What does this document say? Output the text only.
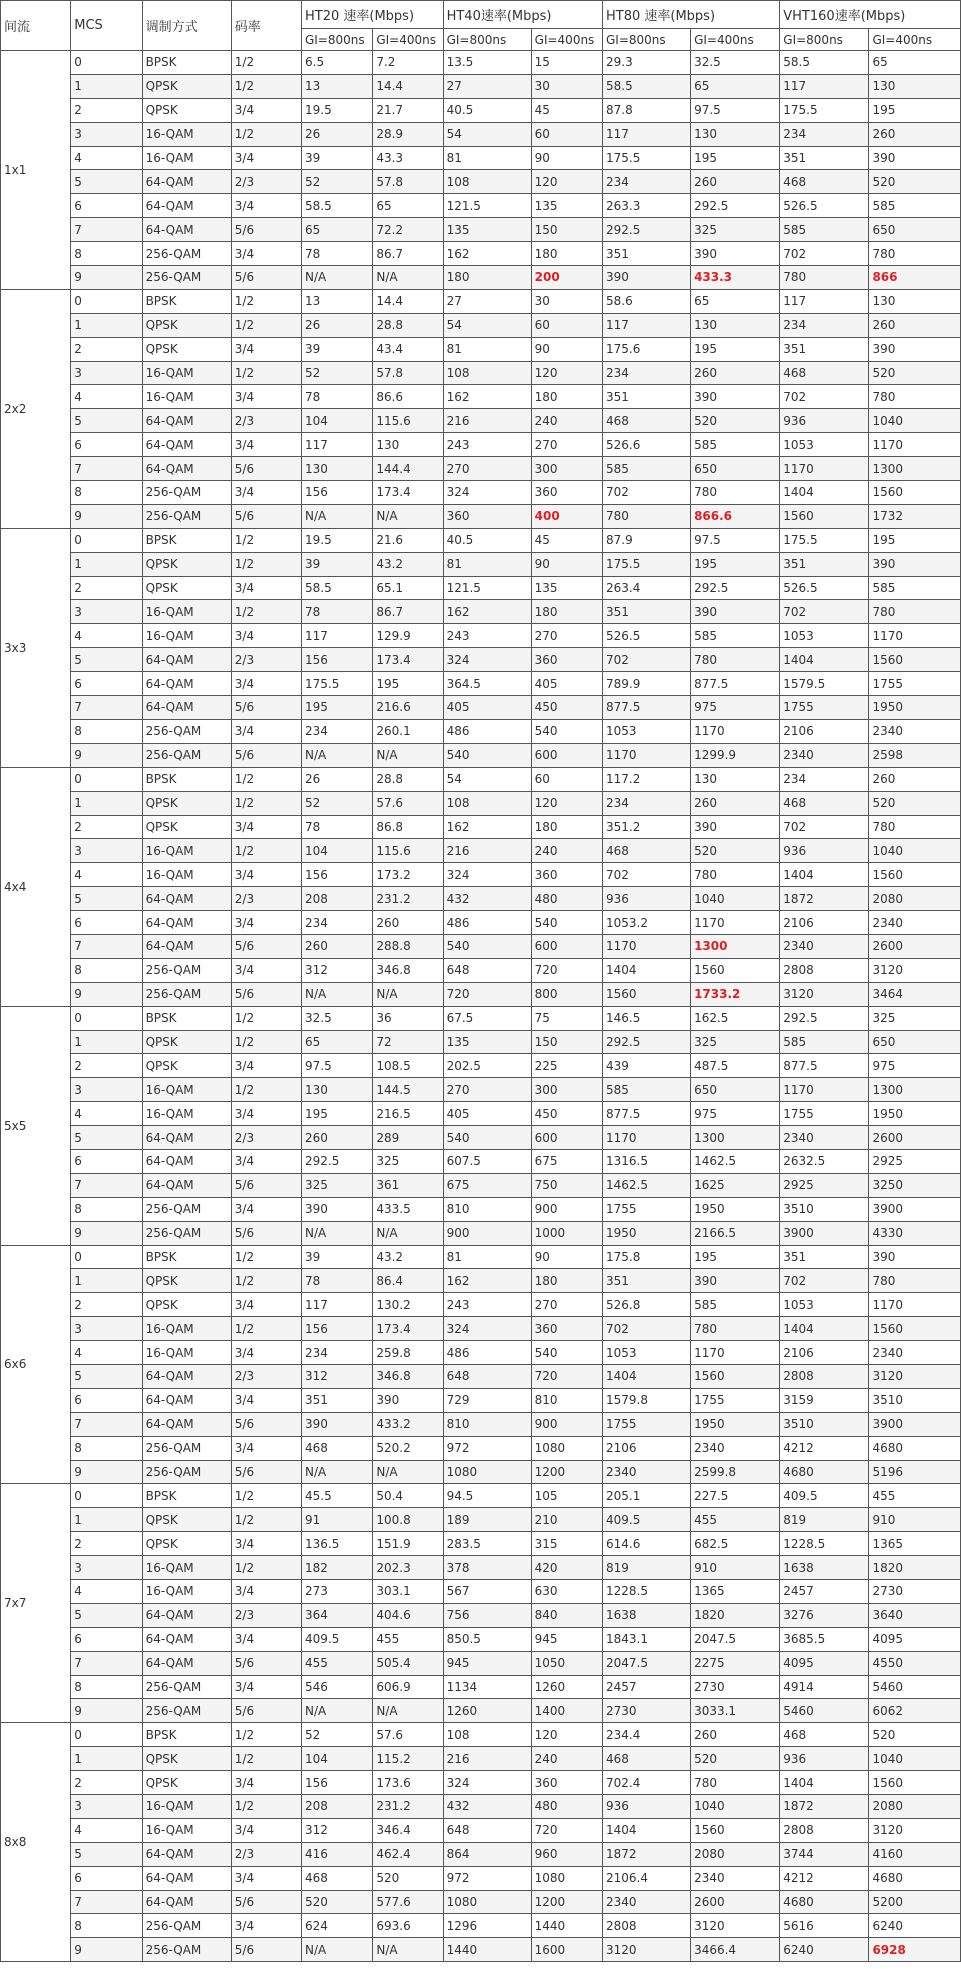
间流	MCS	调制方式	码率	HT20 速率(Mbps)		HT40速率(Mbps)		HT80 速率(Mbps)		VHT160速率(Mbps)	
				GI=800ns	GI=400ns	GI=800ns	GI=400ns	GI=800ns	GI=400ns	GI=800ns	GI=400ns
1x1	0	BPSK	1/2	6.5	7.2	13.5	15	29.3	32.5	58.5	65
	1	QPSK	1/2	13	14.4	27	30	58.5	65	117	130
	2	QPSK	3/4	19.5	21.7	40.5	45	87.8	97.5	175.5	195
	3	16-QAM	1/2	26	28.9	54	60	117	130	234	260
	4	16-QAM	3/4	39	43.3	81	90	175.5	195	351	390
	5	64-QAM	2/3	52	57.8	108	120	234	260	468	520
	6	64-QAM	3/4	58.5	65	121.5	135	263.3	292.5	526.5	585
	7	64-QAM	5/6	65	72.2	135	150	292.5	325	585	650
	8	256-QAM	3/4	78	86.7	162	180	351	390	702	780
	9	256-QAM	5/6	N/A	N/A	180	200	390	433.3	780	866
2x2	0	BPSK	1/2	13	14.4	27	30	58.6	65	117	130
	1	QPSK	1/2	26	28.8	54	60	117	130	234	260
	2	QPSK	3/4	39	43.4	81	90	175.6	195	351	390
	3	16-QAM	1/2	52	57.8	108	120	234	260	468	520
	4	16-QAM	3/4	78	86.6	162	180	351	390	702	780
	5	64-QAM	2/3	104	115.6	216	240	468	520	936	1040
	6	64-QAM	3/4	117	130	243	270	526.6	585	1053	1170
	7	64-QAM	5/6	130	144.4	270	300	585	650	1170	1300
	8	256-QAM	3/4	156	173.4	324	360	702	780	1404	1560
	9	256-QAM	5/6	N/A	N/A	360	400	780	866.6	1560	1732
3x3	0	BPSK	1/2	19.5	21.6	40.5	45	87.9	97.5	175.5	195
	1	QPSK	1/2	39	43.2	81	90	175.5	195	351	390
	2	QPSK	3/4	58.5	65.1	121.5	135	263.4	292.5	526.5	585
	3	16-QAM	1/2	78	86.7	162	180	351	390	702	780
	4	16-QAM	3/4	117	129.9	243	270	526.5	585	1053	1170
	5	64-QAM	2/3	156	173.4	324	360	702	780	1404	1560
	6	64-QAM	3/4	175.5	195	364.5	405	789.9	877.5	1579.5	1755
	7	64-QAM	5/6	195	216.6	405	450	877.5	975	1755	1950
	8	256-QAM	3/4	234	260.1	486	540	1053	1170	2106	2340
	9	256-QAM	5/6	N/A	N/A	540	600	1170	1299.9	2340	2598
4x4	0	BPSK	1/2	26	28.8	54	60	117.2	130	234	260
	1	QPSK	1/2	52	57.6	108	120	234	260	468	520
	2	QPSK	3/4	78	86.8	162	180	351.2	390	702	780
	3	16-QAM	1/2	104	115.6	216	240	468	520	936	1040
	4	16-QAM	3/4	156	173.2	324	360	702	780	1404	1560
	5	64-QAM	2/3	208	231.2	432	480	936	1040	1872	2080
	6	64-QAM	3/4	234	260	486	540	1053.2	1170	2106	2340
	7	64-QAM	5/6	260	288.8	540	600	1170	1300	2340	2600
	8	256-QAM	3/4	312	346.8	648	720	1404	1560	2808	3120
	9	256-QAM	5/6	N/A	N/A	720	800	1560	1733.2	3120	3464
5x5	0	BPSK	1/2	32.5	36	67.5	75	146.5	162.5	292.5	325
	1	QPSK	1/2	65	72	135	150	292.5	325	585	650
	2	QPSK	3/4	97.5	108.5	202.5	225	439	487.5	877.5	975
	3	16-QAM	1/2	130	144.5	270	300	585	650	1170	1300
	4	16-QAM	3/4	195	216.5	405	450	877.5	975	1755	1950
	5	64-QAM	2/3	260	289	540	600	1170	1300	2340	2600
	6	64-QAM	3/4	292.5	325	607.5	675	1316.5	1462.5	2632.5	2925
	7	64-QAM	5/6	325	361	675	750	1462.5	1625	2925	3250
	8	256-QAM	3/4	390	433.5	810	900	1755	1950	3510	3900
	9	256-QAM	5/6	N/A	N/A	900	1000	1950	2166.5	3900	4330
6x6	0	BPSK	1/2	39	43.2	81	90	175.8	195	351	390
	1	QPSK	1/2	78	86.4	162	180	351	390	702	780
	2	QPSK	3/4	117	130.2	243	270	526.8	585	1053	1170
	3	16-QAM	1/2	156	173.4	324	360	702	780	1404	1560
	4	16-QAM	3/4	234	259.8	486	540	1053	1170	2106	2340
	5	64-QAM	2/3	312	346.8	648	720	1404	1560	2808	3120
	6	64-QAM	3/4	351	390	729	810	1579.8	1755	3159	3510
	7	64-QAM	5/6	390	433.2	810	900	1755	1950	3510	3900
	8	256-QAM	3/4	468	520.2	972	1080	2106	2340	4212	4680
	9	256-QAM	5/6	N/A	N/A	1080	1200	2340	2599.8	4680	5196
7x7	0	BPSK	1/2	45.5	50.4	94.5	105	205.1	227.5	409.5	455
	1	QPSK	1/2	91	100.8	189	210	409.5	455	819	910
	2	QPSK	3/4	136.5	151.9	283.5	315	614.6	682.5	1228.5	1365
	3	16-QAM	1/2	182	202.3	378	420	819	910	1638	1820
	4	16-QAM	3/4	273	303.1	567	630	1228.5	1365	2457	2730
	5	64-QAM	2/3	364	404.6	756	840	1638	1820	3276	3640
	6	64-QAM	3/4	409.5	455	850.5	945	1843.1	2047.5	3685.5	4095
	7	64-QAM	5/6	455	505.4	945	1050	2047.5	2275	4095	4550
	8	256-QAM	3/4	546	606.9	1134	1260	2457	2730	4914	5460
	9	256-QAM	5/6	N/A	N/A	1260	1400	2730	3033.1	5460	6062
8x8	0	BPSK	1/2	52	57.6	108	120	234.4	260	468	520
	1	QPSK	1/2	104	115.2	216	240	468	520	936	1040
	2	QPSK	3/4	156	173.6	324	360	702.4	780	1404	1560
	3	16-QAM	1/2	208	231.2	432	480	936	1040	1872	2080
	4	16-QAM	3/4	312	346.4	648	720	1404	1560	2808	3120
	5	64-QAM	2/3	416	462.4	864	960	1872	2080	3744	4160
	6	64-QAM	3/4	468	520	972	1080	2106.4	2340	4212	4680
	7	64-QAM	5/6	520	577.6	1080	1200	2340	2600	4680	5200
	8	256-QAM	3/4	624	693.6	1296	1440	2808	3120	5616	6240
	9	256-QAM	5/6	N/A	N/A	1440	1600	3120	3466.4	6240	6928
